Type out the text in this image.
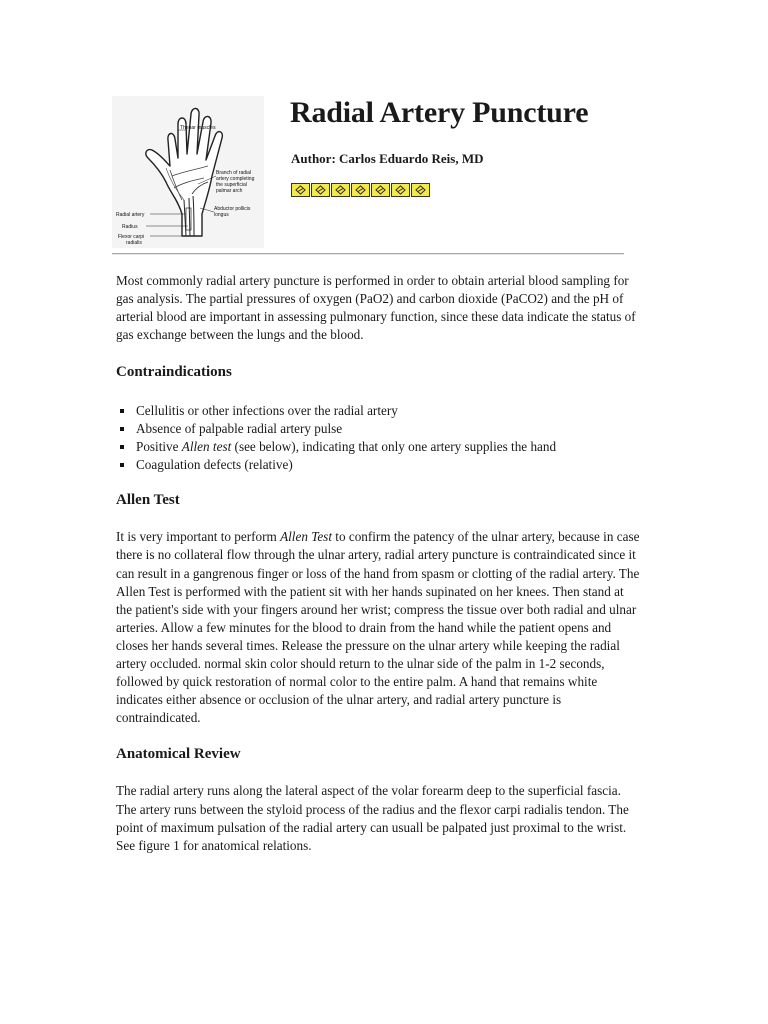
Thenar muscles
Branch of radial artery completing the superficial palmar arch
Abductor pollicis longus
Radial artery
Radius
Flexor carpi radialis
Radial Artery Puncture
Author: Carlos Eduardo Reis, MD

Most commonly radial artery puncture is performed in order to obtain arterial blood sampling for gas analysis. The partial pressures of oxygen (PaO2) and carbon dioxide (PaCO2) and the pH of arterial blood are important in assessing pulmonary function, since these data indicate the status of gas exchange between the lungs and the blood.

Contraindications
Cellulitis or other infections over the radial artery
Absence of palpable radial artery pulse
Positive Allen test (see below), indicating that only one artery supplies the hand
Coagulation defects (relative)
Allen Test

It is very important to perform Allen Test to confirm the patency of the ulnar artery, because in case there is no collateral flow through the ulnar artery, radial artery puncture is contraindicated since it can result in a gangrenous finger or loss of the hand from spasm or clotting of the radial artery. The Allen Test is performed with the patient sit with her hands supinated on her knees. Then stand at the patient's side with your fingers around her wrist; compress the tissue over both radial and ulnar arteries. Allow a few minutes for the blood to drain from the hand while the patient opens and closes her hands several times. Release the pressure on the ulnar artery while keeping the radial artery occluded. normal skin color should return to the ulnar side of the palm in 1-2 seconds, followed by quick restoration of normal color to the entire palm. A hand that remains white indicates either absence or occlusion of the ulnar artery, and radial artery puncture is contraindicated.

Anatomical Review

The radial artery runs along the lateral aspect of the volar forearm deep to the superficial fascia. The artery runs between the styloid process of the radius and the flexor carpi radialis tendon. The point of maximum pulsation of the radial artery can usuall be palpated just proximal to the wrist. See figure 1 for anatomical relations.
